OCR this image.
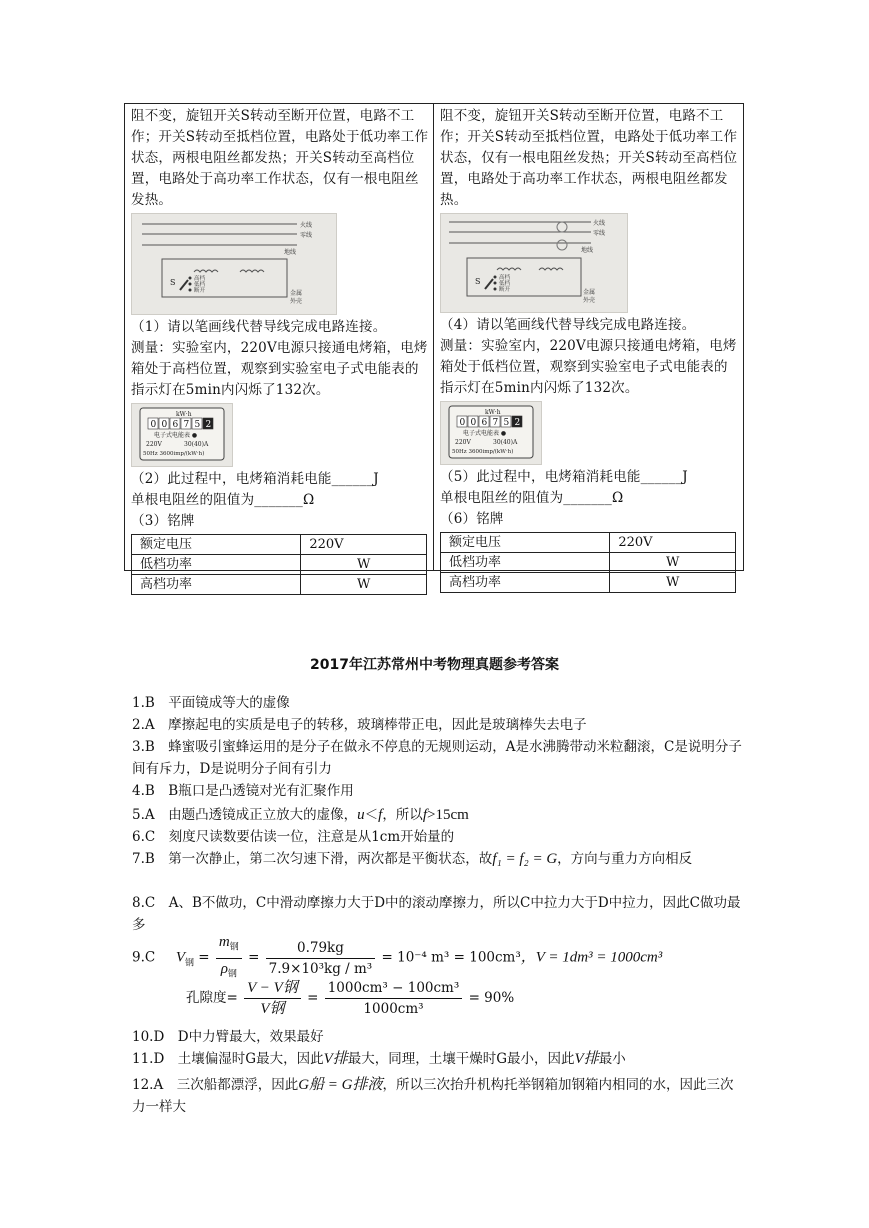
阻不变，旋钮开关S转动至断开位置，电路不工作；开关S转动至抵档位置，电路处于低功率工作状态，两根电阻丝都发热；开关S转动至高档位置，电路处于高功率工作状态，仅有一根电阻丝发热。

火线
零线
地线
S	高档
低档
断开	金属
外壳

（1）请以笔画线代替导线完成电路连接。

测量：实验室内，220V电源只接通电烤箱，电烤箱处于高档位置，观察到实验室电子式电能表的指示灯在5min内闪烁了132次。

kW·h
0 0 6 7 5 2
电子式电能表 ●
220V	30(40)A
50Hz 3600imp/(kW·h)

（2）此过程中，电烤箱消耗电能______J

单根电阻丝的阻值为_______Ω

（3）铭牌

额定电压	220V
低档功率	W
高档功率	W

阻不变，旋钮开关S转动至断开位置，电路不工作；开关S转动至抵档位置，电路处于低功率工作状态，仅有一根电阻丝发热；开关S转动至高档位置，电路处于高功率工作状态，两根电阻丝都发热。

火线
零线
地线
S	高档
低档
断开	金属
外壳

（4）请以笔画线代替导线完成电路连接。

测量：实验室内，220V电源只接通电烤箱，电烤箱处于低档位置，观察到实验室电子式电能表的指示灯在5min内闪烁了132次。

kW·h
0 0 6 7 5 2
电子式电能表 ●
220V	30(40)A
50Hz 3600imp/(kW·h)

（5）此过程中，电烤箱消耗电能______J

单根电阻丝的阻值为_______Ω

（6）铭牌

额定电压	220V
低档功率	W
高档功率	W
2017年江苏常州中考物理真题参考答案

1.B　平面镜成等大的虚像

2.A　摩擦起电的实质是电子的转移，玻璃棒带正电，因此是玻璃棒失去电子

3.B　蜂蜜吸引蜜蜂运用的是分子在做永不停息的无规则运动，A是水沸腾带动米粒翻滚，C是说明分子间有斥力，D是说明分子间有引力

4.B　B瓶口是凸透镜对光有汇聚作用

5.A　由题凸透镜成正立放大的虚像，u＜f，所以f>15cm

6.C　刻度尺读数要估读一位，注意是从1cm开始量的

7.B　第一次静止，第二次匀速下滑，两次都是平衡状态，故f₁ = f₂ = G，方向与重力方向相反

8.C　A、B不做功，C中滑动摩擦力大于D中的滚动摩擦力，所以C中拉力大于D中拉力，因此C做功最多

9.C $V_钢 = \frac{m_钢}{\rho_钢} = \frac{0.79kg}{\text{7.9×10³kg / m³}} = 10^{-4}$ m³ = 100cm³，V = 1dm³ = 1000cm³
孔隙度= $\frac{\text{V − V钢}}{\text{V钢}} = \frac{\text{1000cm³ − 100cm³}}{\text{1000cm³}} = 90\%$

10.D　D中力臂最大，效果最好

11.D　土壤偏湿时G最大，因此V排最大，同理，土壤干燥时G最小，因此V排最小

12.A　三次船都漂浮，因此G船 = G排液，所以三次抬升机构托举钢箱加钢箱内相同的水，因此三次力一样大
